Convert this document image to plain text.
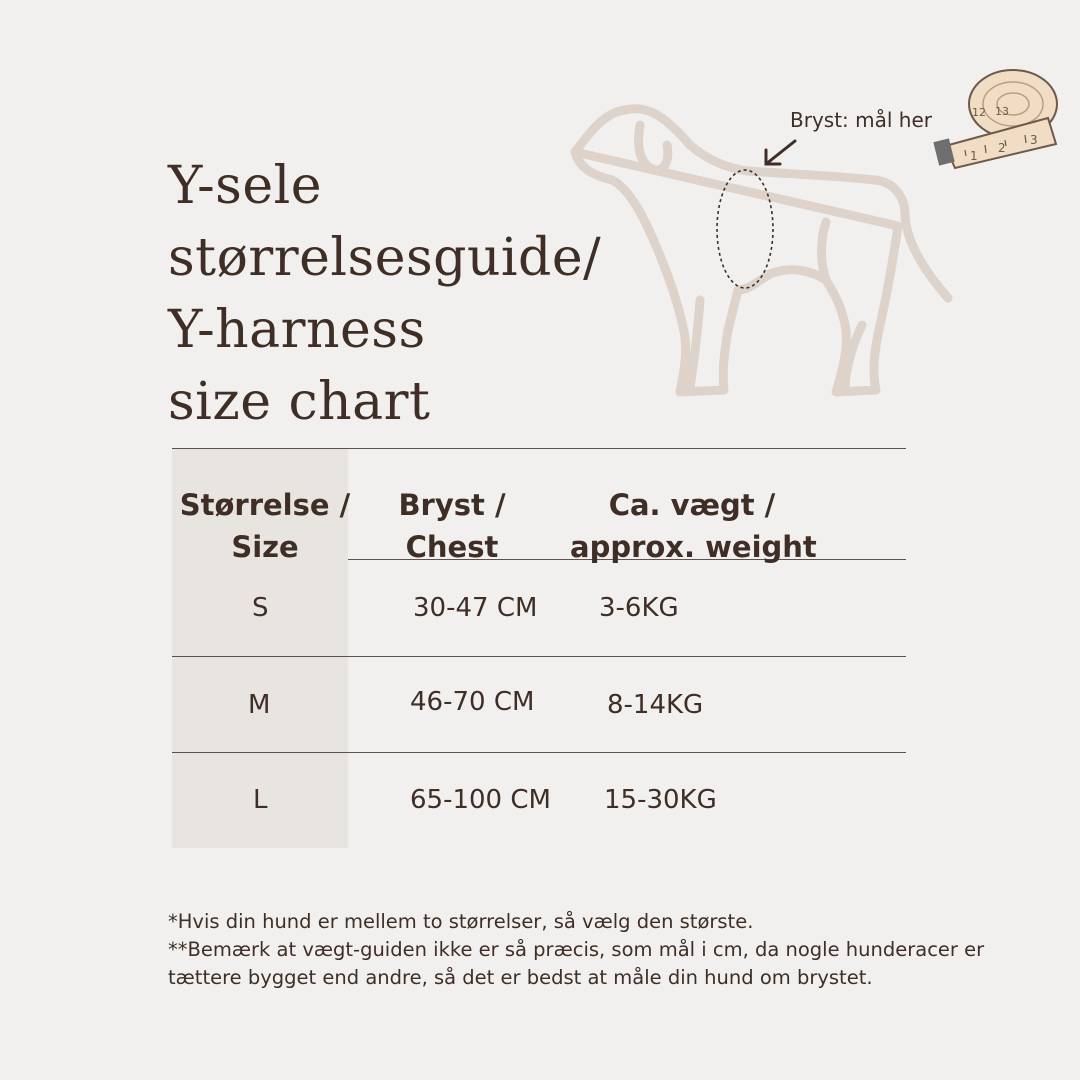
Y-sele
størrelsesguide/
Y-harness
size chart
12 13
1
2
3
Bryst: mål her
Størrelse /
Size
Bryst /
Chest
Ca. vægt /
approx. weight
S	30-47 CM 3-6KG
M	46-70 CM	8-14KG
L	65-100 CM 15-30KG

*Hvis din hund er mellem to størrelser, så vælg den største.

**Bemærk at vægt-guiden ikke er så præcis, som mål i cm, da nogle hunderacer er tættere bygget end andre, så det er bedst at måle din hund om brystet.
